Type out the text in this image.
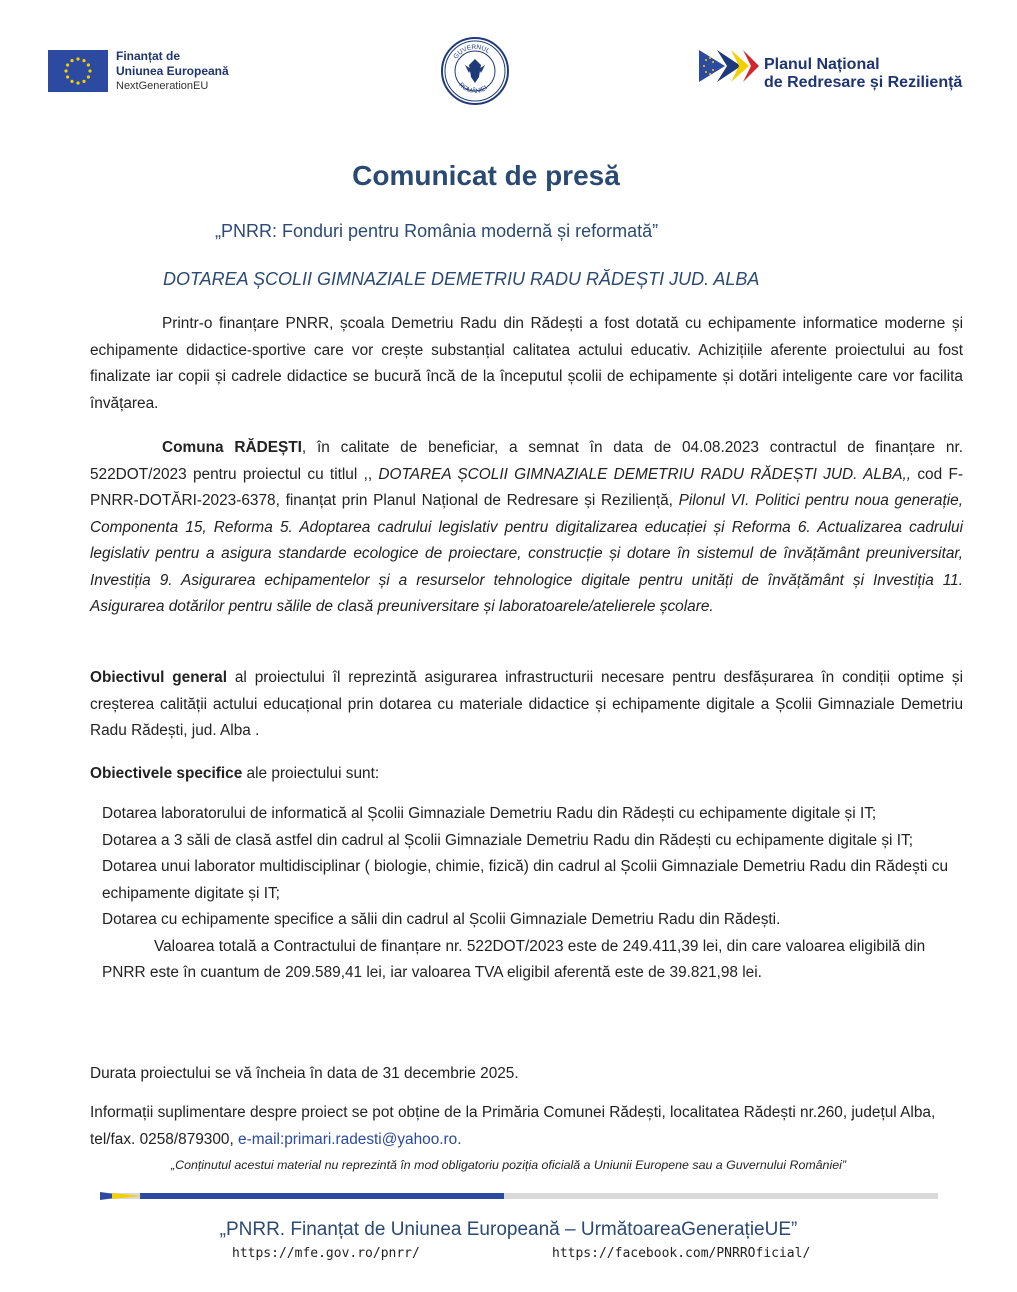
Finanțat de
Uniunea Europeană
NextGenerationEU
GUVERNUL
ROMÂNIEI
Planul Național
de Redresare și Reziliență
Comunicat de presă
„PNRR: Fonduri pentru România modernă și reformată”
DOTAREA ȘCOLII GIMNAZIALE DEMETRIU RADU RĂDEȘTI JUD. ALBA
Printr-o finanțare PNRR, școala Demetriu Radu din Rădești a fost dotată cu echipamente informatice moderne și echipamente didactice-sportive care vor crește substanțial calitatea actului educativ. Achizițiile aferente proiectului au fost finalizate iar copii și cadrele didactice se bucură încă de la începutul școlii de echipamente și dotări inteligente care vor facilita învățarea.
Comuna RĂDEȘTI, în calitate de beneficiar, a semnat în data de 04.08.2023 contractul de finanțare nr. 522DOT/2023 pentru proiectul cu titlul ,, DOTAREA ȘCOLII GIMNAZIALE DEMETRIU RADU RĂDEȘTI JUD. ALBA,, cod F-PNRR-DOTĂRI-2023-6378, finanțat prin Planul Național de Redresare și Reziliență, Pilonul VI. Politici pentru noua generație, Componenta 15, Reforma 5. Adoptarea cadrului legislativ pentru digitalizarea educației și Reforma 6. Actualizarea cadrului legislativ pentru a asigura standarde ecologice de proiectare, construcție și dotare în sistemul de învățământ preuniversitar, Investiția 9. Asigurarea echipamentelor și a resurselor tehnologice digitale pentru unități de învățământ și Investiția 11. Asigurarea dotărilor pentru sălile de clasă preuniversitare și laboratoarele/atelierele școlare.
Obiectivul general al proiectului îl reprezintă asigurarea infrastructurii necesare pentru desfășurarea în condiții optime și creșterea calității actului educațional prin dotarea cu materiale didactice și echipamente digitale a Școlii Gimnaziale Demetriu Radu Rădești, jud. Alba .
Obiectivele specifice ale proiectului sunt:
Dotarea laboratorului de informatică al Școlii Gimnaziale Demetriu Radu din Rădești cu echipamente digitale și IT;
Dotarea a 3 săli de clasă astfel din cadrul al Școlii Gimnaziale Demetriu Radu din Rădești cu echipamente digitale și IT;
Dotarea unui laborator multidisciplinar ( biologie, chimie, fizică) din cadrul al Școlii Gimnaziale Demetriu Radu din Rădești cu echipamente digitate și IT;
Dotarea cu echipamente specifice a sălii din cadrul al Școlii Gimnaziale Demetriu Radu din Rădești.
Valoarea totală a Contractului de finanțare nr. 522DOT/2023 este de 249.411,39 lei, din care valoarea eligibilă din PNRR este în cuantum de 209.589,41 lei, iar valoarea TVA eligibil aferentă este de 39.821,98 lei.
Durata proiectului se vă încheia în data de 31 decembrie 2025.
Informații suplimentare despre proiect se pot obține de la Primăria Comunei Rădești, localitatea Rădești nr.260, județul Alba, tel/fax. 0258/879300, e-mail:primari.radesti@yahoo.ro.
„Conținutul acestui material nu reprezintă în mod obligatoriu poziția oficială a Uniunii Europene sau a Guvernului României”
„PNRR. Finanțat de Uniunea Europeană – UrmătoareaGenerațieUE”
https://mfe.gov.ro/pnrr/	https://facebook.com/PNRROficial/
